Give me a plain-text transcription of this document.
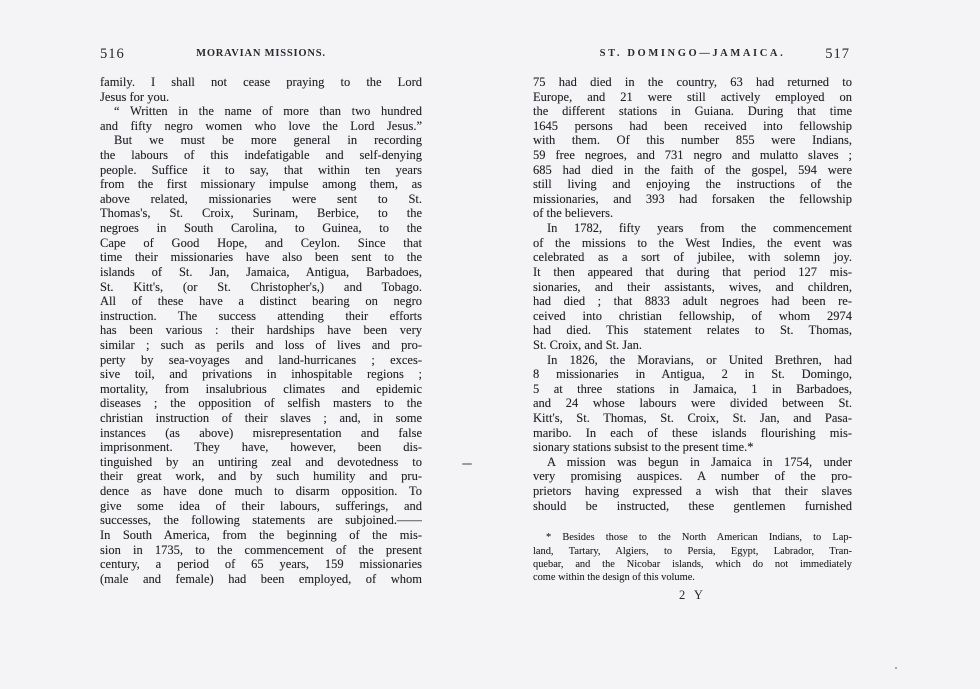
516	MORAVIAN MISSIONS.
family. I shall not cease praying to the Lord
Jesus for you.
“ Written in the name of more than two hundred
and fifty negro women who love the Lord Jesus.”
But we must be more general in recording
the labours of this indefatigable and self-denying
people. Suffice it to say, that within ten years
from the first missionary impulse among them, as
above related, missionaries were sent to St.
Thomas's, St. Croix, Surinam, Berbice, to the
negroes in South Carolina, to Guinea, to the
Cape of Good Hope, and Ceylon. Since that
time their missionaries have also been sent to the
islands of St. Jan, Jamaica, Antigua, Barbadoes,
St. Kitt's, (or St. Christopher's,) and Tobago.
All of these have a distinct bearing on negro
instruction. The success attending their efforts
has been various : their hardships have been very
similar ; such as perils and loss of lives and pro-
perty by sea-voyages and land-hurricanes ; exces-
sive toil, and privations in inhospitable regions ;
mortality, from insalubrious climates and epidemic
diseases ; the opposition of selfish masters to the
christian instruction of their slaves ; and, in some
instances (as above) misrepresentation and false
imprisonment. They have, however, been dis-
tinguished by an untiring zeal and devotedness to
their great work, and by such humility and pru-
dence as have done much to disarm opposition. To
give some idea of their labours, sufferings, and
successes, the following statements are subjoined.——
In South America, from the beginning of the mis-
sion in 1735, to the commencement of the present
century, a period of 65 years, 159 missionaries
(male and female) had been employed, of whom
ST. DOMINGO—JAMAICA.	517
75 had died in the country, 63 had returned to
Europe, and 21 were still actively employed on
the different stations in Guiana. During that time
1645 persons had been received into fellowship
with them. Of this number 855 were Indians,
59 free negroes, and 731 negro and mulatto slaves ;
685 had died in the faith of the gospel, 594 were
still living and enjoying the instructions of the
missionaries, and 393 had forsaken the fellowship
of the believers.
In 1782, fifty years from the commencement
of the missions to the West Indies, the event was
celebrated as a sort of jubilee, with solemn joy.
It then appeared that during that period 127 mis-
sionaries, and their assistants, wives, and children,
had died ; that 8833 adult negroes had been re-
ceived into christian fellowship, of whom 2974
had died. This statement relates to St. Thomas,
St. Croix, and St. Jan.
In 1826, the Moravians, or United Brethren, had
8 missionaries in Antigua, 2 in St. Domingo,
5 at three stations in Jamaica, 1 in Barbadoes,
and 24 whose labours were divided between St.
Kitt's, St. Thomas, St. Croix, St. Jan, and Pasa-
maribo. In each of these islands flourishing mis-
sionary stations subsist to the present time.*
A mission was begun in Jamaica in 1754, under
very promising auspices. A number of the pro-
prietors having expressed a wish that their slaves
should be instructed, these gentlemen furnished
* Besides those to the North American Indians, to Lap-
land, Tartary, Algiers, to Persia, Egypt, Labrador, Tran-
quebar, and the Nicobar islands, which do not immediately
come within the design of this volume.
2 Y
